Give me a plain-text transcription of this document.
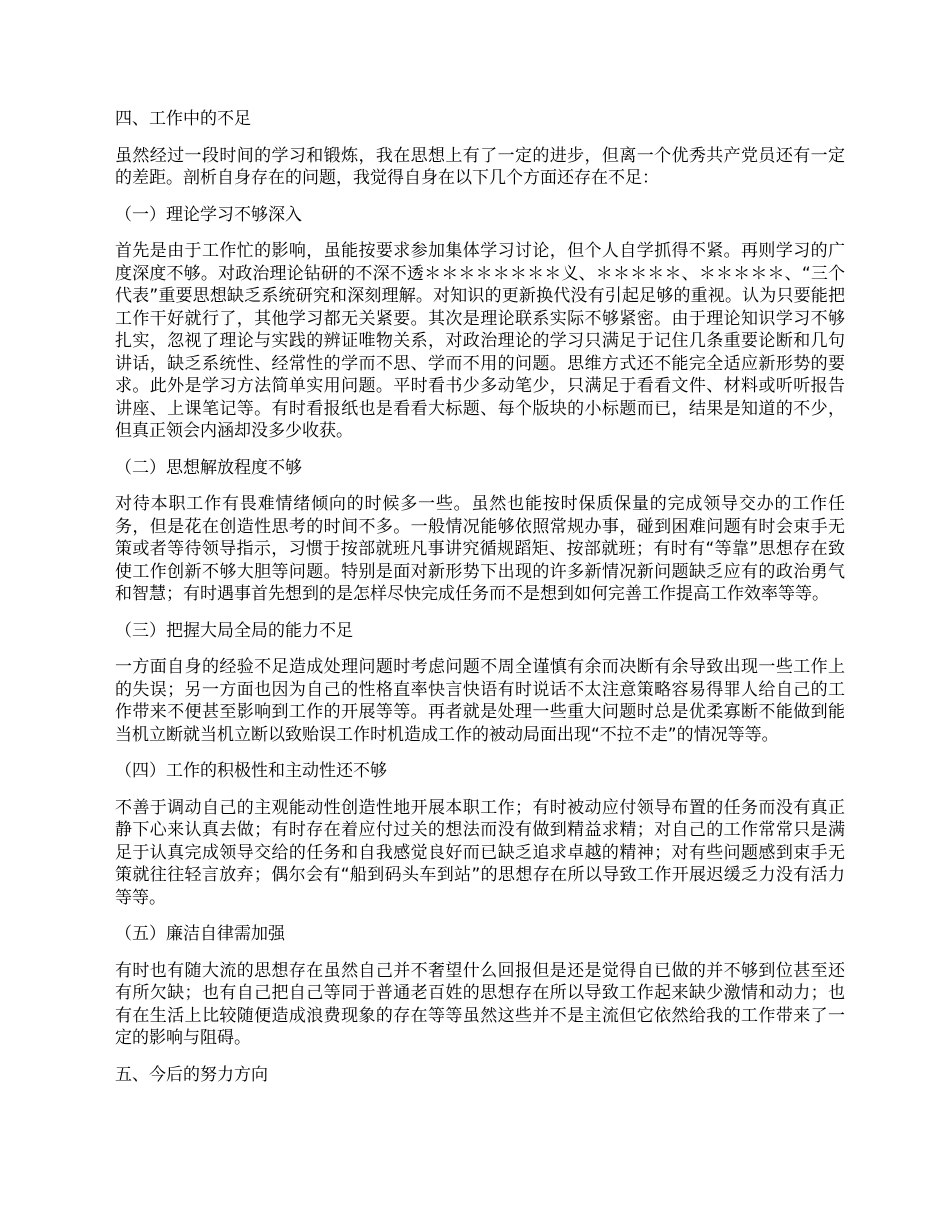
四、工作中的不足

虽然经过一段时间的学习和锻炼，我在思想上有了一定的进步，但离一个优秀共产党员还有一定的差距。剖析自身存在的问题，我觉得自身在以下几个方面还存在不足：

（一）理论学习不够深入

首先是由于工作忙的影响，虽能按要求参加集体学习讨论，但个人自学抓得不紧。再则学习的广度深度不够。对政治理论钻研的不深不透＊＊＊＊＊＊＊＊义、＊＊＊＊＊、＊＊＊＊＊、“三个代表”重要思想缺乏系统研究和深刻理解。对知识的更新换代没有引起足够的重视。认为只要能把工作干好就行了，其他学习都无关紧要。其次是理论联系实际不够紧密。由于理论知识学习不够扎实，忽视了理论与实践的辨证唯物关系，对政治理论的学习只满足于记住几条重要论断和几句讲话，缺乏系统性、经常性的学而不思、学而不用的问题。思维方式还不能完全适应新形势的要求。此外是学习方法简单实用问题。平时看书少多动笔少，只满足于看看文件、材料或听听报告讲座、上课笔记等。有时看报纸也是看看大标题、每个版块的小标题而已，结果是知道的不少，但真正领会内涵却没多少收获。

（二）思想解放程度不够

对待本职工作有畏难情绪倾向的时候多一些。虽然也能按时保质保量的完成领导交办的工作任务，但是花在创造性思考的时间不多。一般情况能够依照常规办事，碰到困难问题有时会束手无策或者等待领导指示，习惯于按部就班凡事讲究循规蹈矩、按部就班；有时有“等靠”思想存在致使工作创新不够大胆等问题。特别是面对新形势下出现的许多新情况新问题缺乏应有的政治勇气和智慧；有时遇事首先想到的是怎样尽快完成任务而不是想到如何完善工作提高工作效率等等。

（三）把握大局全局的能力不足

一方面自身的经验不足造成处理问题时考虑问题不周全谨慎有余而决断有余导致出现一些工作上的失误；另一方面也因为自己的性格直率快言快语有时说话不太注意策略容易得罪人给自己的工作带来不便甚至影响到工作的开展等等。再者就是处理一些重大问题时总是优柔寡断不能做到能当机立断就当机立断以致贻误工作时机造成工作的被动局面出现“不拉不走”的情况等等。

（四）工作的积极性和主动性还不够

不善于调动自己的主观能动性创造性地开展本职工作；有时被动应付领导布置的任务而没有真正静下心来认真去做；有时存在着应付过关的想法而没有做到精益求精；对自己的工作常常只是满足于认真完成领导交给的任务和自我感觉良好而已缺乏追求卓越的精神；对有些问题感到束手无策就往往轻言放弃；偶尔会有“船到码头车到站”的思想存在所以导致工作开展迟缓乏力没有活力等等。

（五）廉洁自律需加强

有时也有随大流的思想存在虽然自己并不奢望什么回报但是还是觉得自已做的并不够到位甚至还有所欠缺；也有自己把自己等同于普通老百姓的思想存在所以导致工作起来缺少激情和动力；也有在生活上比较随便造成浪费现象的存在等等虽然这些并不是主流但它依然给我的工作带来了一定的影响与阻碍。

五、今后的努力方向
